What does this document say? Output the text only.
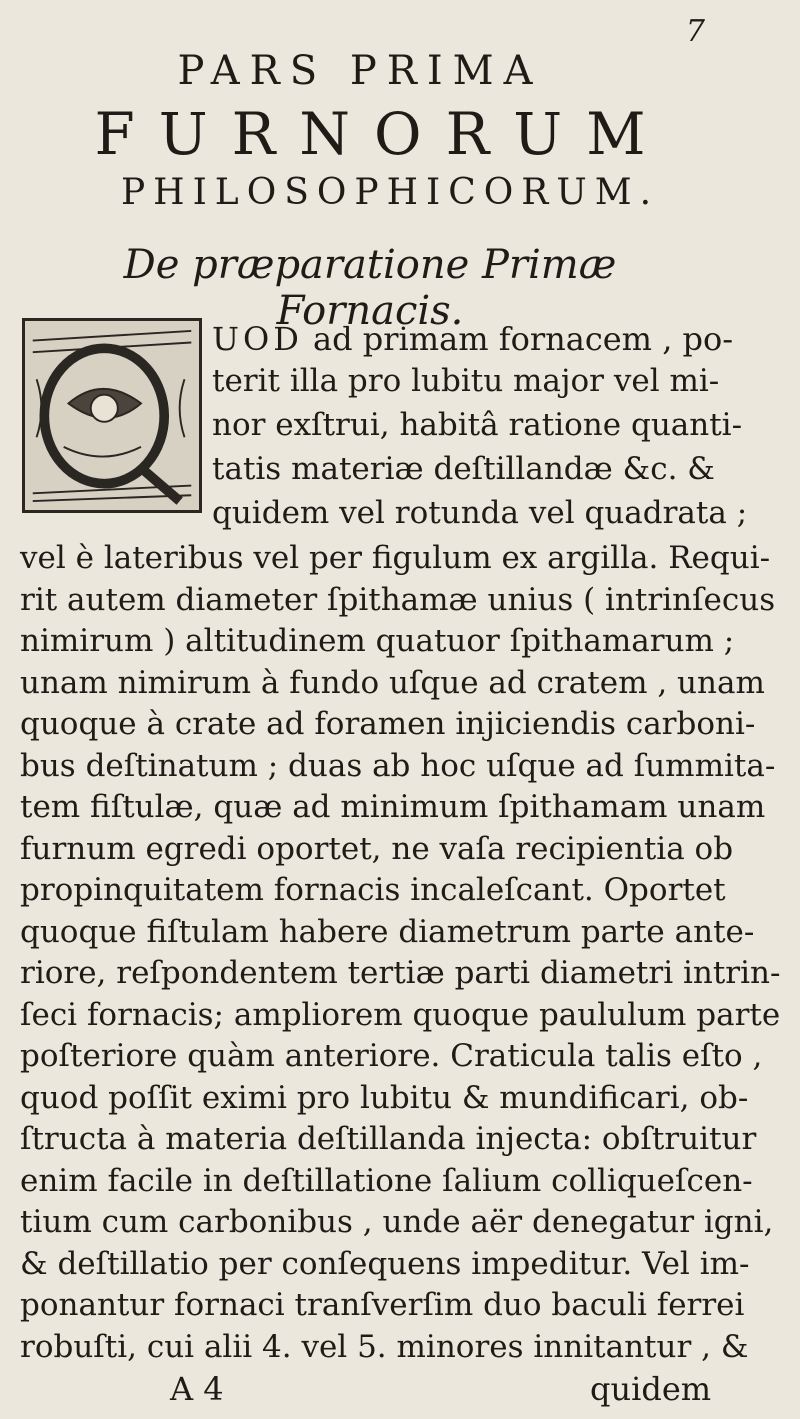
7
PARS PRIMA
FURNORUM
PHILOSOPHICORUM.
De præparatione Primæ Fornacis.
UOD ad primam fornacem , po-
terit illa pro lubitu major vel mi-
nor exſtrui, habitâ ratione quanti-
tatis materiæ deſtillandæ &c. &
quidem vel rotunda vel quadrata ;
vel è lateribus vel per figulum ex argilla. Requi-
rit autem diameter ſpithamæ unius ( intrinſecus
nimirum ) altitudinem quatuor ſpithamarum ;
unam nimirum à fundo uſque ad cratem , unam
quoque à crate ad foramen injiciendis carboni-
bus deſtinatum ; duas ab hoc uſque ad ſummita-
tem fiſtulæ, quæ ad minimum ſpithamam unam
furnum egredi oportet, ne vaſa recipientia ob
propinquitatem fornacis incaleſcant. Oportet
quoque fiſtulam habere diametrum parte ante-
riore, reſpondentem tertiæ parti diametri intrin-
ſeci fornacis; ampliorem quoque paululum parte
poſteriore quàm anteriore. Craticula talis eſto ,
quod poſſit eximi pro lubitu & mundificari, ob-
ſtructa à materia deſtillanda injecta: obſtruitur
enim facile in deſtillatione ſalium colliqueſcen-
tium cum carbonibus , unde aër denegatur igni,
& deſtillatio per conſequens impeditur. Vel im-
ponantur fornaci tranſverſim duo baculi ferrei
robuſti, cui alii 4. vel 5. minores innitantur , &
A 4	quidem
